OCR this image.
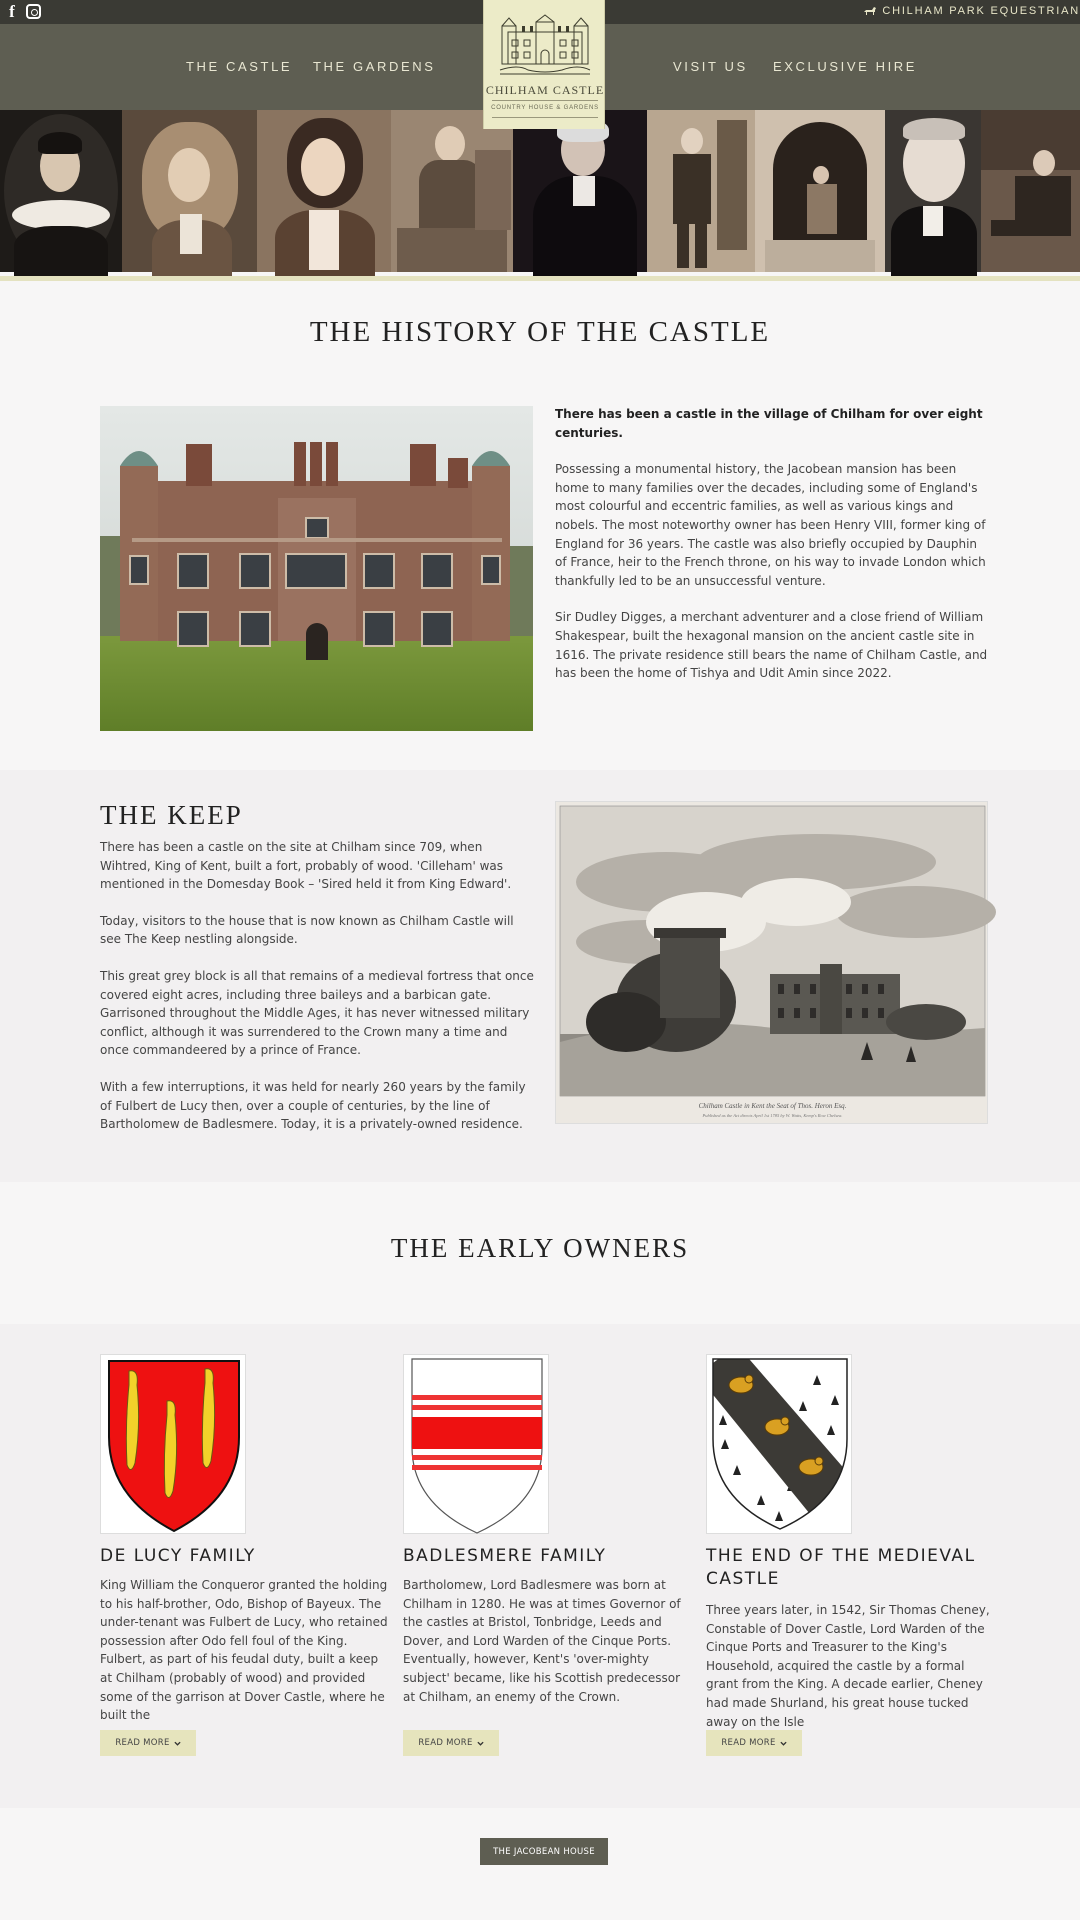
f	CHILHAM PARK EQUESTRIAN
THE CASTLE THE GARDENS	VISIT US EXCLUSIVE HIRE
CHILHAM CASTLE
COUNTRY HOUSE & GARDENS
THE HISTORY OF THE CASTLE

There has been a castle in the village of Chilham for over eight centuries.

Possessing a monumental history, the Jacobean mansion has been home to many families over the decades, including some of England's most colourful and eccentric families, as well as various kings and nobels. The most noteworthy owner has been Henry VIII, former king of England for 36 years. The castle was also briefly occupied by Dauphin of France, heir to the French throne, on his way to invade London which thankfully led to be an unsuccessful venture.

Sir Dudley Digges, a merchant adventurer and a close friend of William Shakespear, built the hexagonal mansion on the ancient castle site in 1616. The private residence still bears the name of Chilham Castle, and has been the home of Tishya and Udit Amin since 2022.

THE KEEP

There has been a castle on the site at Chilham since 709, when Wihtred, King of Kent, built a fort, probably of wood. 'Cilleham' was mentioned in the Domesday Book – 'Sired held it from King Edward'.

Today, visitors to the house that is now known as Chilham Castle will see The Keep nestling alongside.

This great grey block is all that remains of a medieval fortress that once covered eight acres, including three baileys and a barbican gate. Garrisoned throughout the Middle Ages, it has never witnessed military conflict, although it was surrendered to the Crown many a time and once commandeered by a prince of France.

With a few interruptions, it was held for nearly 260 years by the family of Fulbert de Lucy then, over a couple of centuries, by the line of Bartholomew de Badlesmere. Today, it is a privately-owned residence.

Chilham Castle in Kent the Seat of Thos. Heron Esq.
Published as the Act directs April 1st 1785 by W. Watts, Kemp's Row Chelsea.
THE EARLY OWNERS
DE LUCY FAMILY
King William the Conqueror granted the holding to his half-brother, Odo, Bishop of Bayeux. The under-tenant was Fulbert de Lucy, who retained possession after Odo fell foul of the King. Fulbert, as part of his feudal duty, built a keep at Chilham (probably of wood) and provided some of the garrison at Dover Castle, where he built the
READ MORE
BADLESMERE FAMILY
Bartholomew, Lord Badlesmere was born at Chilham in 1280. He was at times Governor of the castles at Bristol, Tonbridge, Leeds and Dover, and Lord Warden of the Cinque Ports. Eventually, however, Kent's 'over-mighty subject' became, like his Scottish predecessor at Chilham, an enemy of the Crown.
READ MORE
THE END OF THE MEDIEVAL CASTLE
Three years later, in 1542, Sir Thomas Cheney, Constable of Dover Castle, Lord Warden of the Cinque Ports and Treasurer to the King's Household, acquired the castle by a formal grant from the King. A decade earlier, Cheney had made Shurland, his great house tucked away on the Isle
READ MORE
THE JACOBEAN HOUSE
